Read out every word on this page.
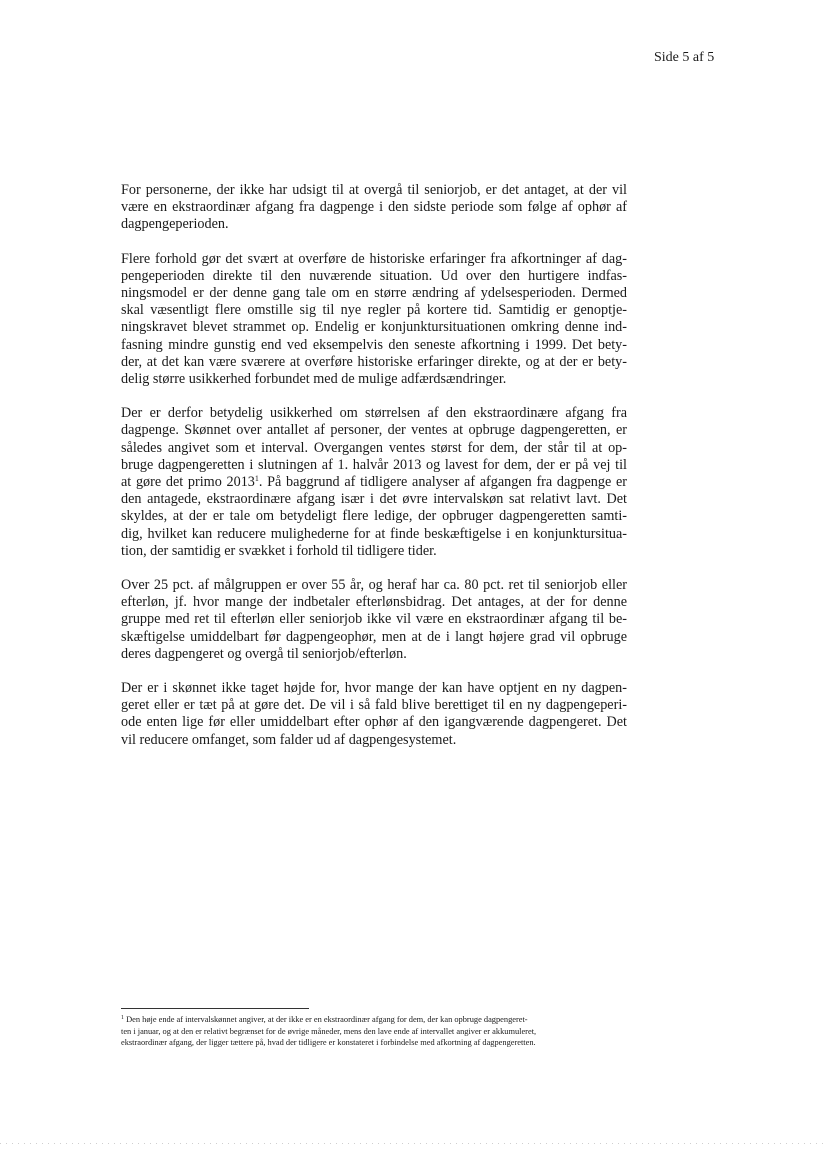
Side 5 af 5

For personerne, der ikke har udsigt til at overgå til seniorjob, er det antaget, at der vil
være en ekstraordinær afgang fra dagpenge i den sidste periode som følge af ophør af
dagpengeperioden.

Flere forhold gør det svært at overføre de historiske erfaringer fra afkortninger af dag-
pengeperioden direkte til den nuværende situation. Ud over den hurtigere indfas-
ningsmodel er der denne gang tale om en større ændring af ydelsesperioden. Dermed
skal væsentligt flere omstille sig til nye regler på kortere tid. Samtidig er genoptje-
ningskravet blevet strammet op. Endelig er konjunktursituationen omkring denne ind-
fasning mindre gunstig end ved eksempelvis den seneste afkortning i 1999. Det bety-
der, at det kan være sværere at overføre historiske erfaringer direkte, og at der er bety-
delig større usikkerhed forbundet med de mulige adfærdsændringer.

Der er derfor betydelig usikkerhed om størrelsen af den ekstraordinære afgang fra
dagpenge. Skønnet over antallet af personer, der ventes at opbruge dagpengeretten, er
således angivet som et interval. Overgangen ventes størst for dem, der står til at op-
bruge dagpengeretten i slutningen af 1. halvår 2013 og lavest for dem, der er på vej til
at gøre det primo 2013$^1$. På baggrund af tidligere analyser af afgangen fra dagpenge er
den antagede, ekstraordinære afgang især i det øvre intervalskøn sat relativt lavt. Det
skyldes, at der er tale om betydeligt flere ledige, der opbruger dagpengeretten samti-
dig, hvilket kan reducere mulighederne for at finde beskæftigelse i en konjunktursitua-
tion, der samtidig er svækket i forhold til tidligere tider.

Over 25 pct. af målgruppen er over 55 år, og heraf har ca. 80 pct. ret til seniorjob eller
efterløn, jf. hvor mange der indbetaler efterlønsbidrag. Det antages, at der for denne
gruppe med ret til efterløn eller seniorjob ikke vil være en ekstraordinær afgang til be-
skæftigelse umiddelbart før dagpengeophør, men at de i langt højere grad vil opbruge
deres dagpengeret og overgå til seniorjob/efterløn.

Der er i skønnet ikke taget højde for, hvor mange der kan have optjent en ny dagpen-
geret eller er tæt på at gøre det. De vil i så fald blive berettiget til en ny dagpengeperi-
ode enten lige før eller umiddelbart efter ophør af den igangværende dagpengeret. Det
vil reducere omfanget, som falder ud af dagpengesystemet.

$^1$ Den høje ende af intervalskønnet angiver, at der ikke er en ekstraordinær afgang for dem, der kan opbruge dagpengeret-
ten i januar, og at den er relativt begrænset for de øvrige måneder, mens den lave ende af intervallet angiver er akkumuleret,
ekstraordinær afgang, der ligger tættere på, hvad der tidligere er konstateret i forbindelse med afkortning af dagpengeretten.
